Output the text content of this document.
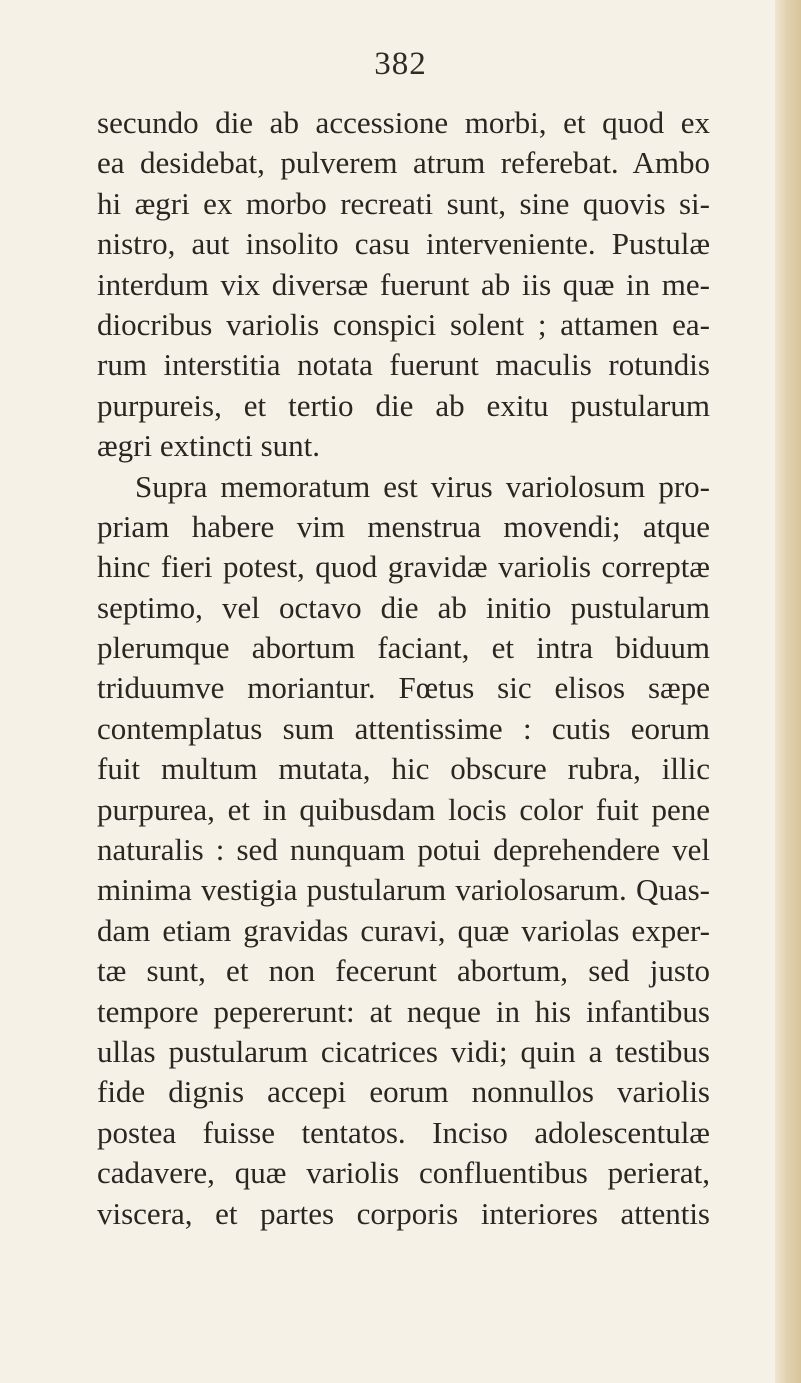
382
secundo die ab accessione morbi, et quod ex
ea desidebat, pulverem atrum referebat. Ambo
hi ægri ex morbo recreati sunt, sine quovis si-
nistro, aut insolito casu interveniente. Pustulæ
interdum vix diversæ fuerunt ab iis quæ in me-
diocribus variolis conspici solent ; attamen ea-
rum interstitia notata fuerunt maculis rotundis
purpureis, et tertio die ab exitu pustularum
ægri extincti sunt.
Supra memoratum est virus variolosum pro-
priam habere vim menstrua movendi; atque
hinc fieri potest, quod gravidæ variolis correptæ
septimo, vel octavo die ab initio pustularum
plerumque abortum faciant, et intra biduum
triduumve moriantur. Fœtus sic elisos sæpe
contemplatus sum attentissime : cutis eorum
fuit multum mutata, hic obscure rubra, illic
purpurea, et in quibusdam locis color fuit pene
naturalis : sed nunquam potui deprehendere vel
minima vestigia pustularum variolosarum. Quas-
dam etiam gravidas curavi, quæ variolas exper-
tæ sunt, et non fecerunt abortum, sed justo
tempore pepererunt: at neque in his infantibus
ullas pustularum cicatrices vidi; quin a testibus
fide dignis accepi eorum nonnullos variolis
postea fuisse tentatos. Inciso adolescentulæ
cadavere, quæ variolis confluentibus perierat,
viscera, et partes corporis interiores attentis
